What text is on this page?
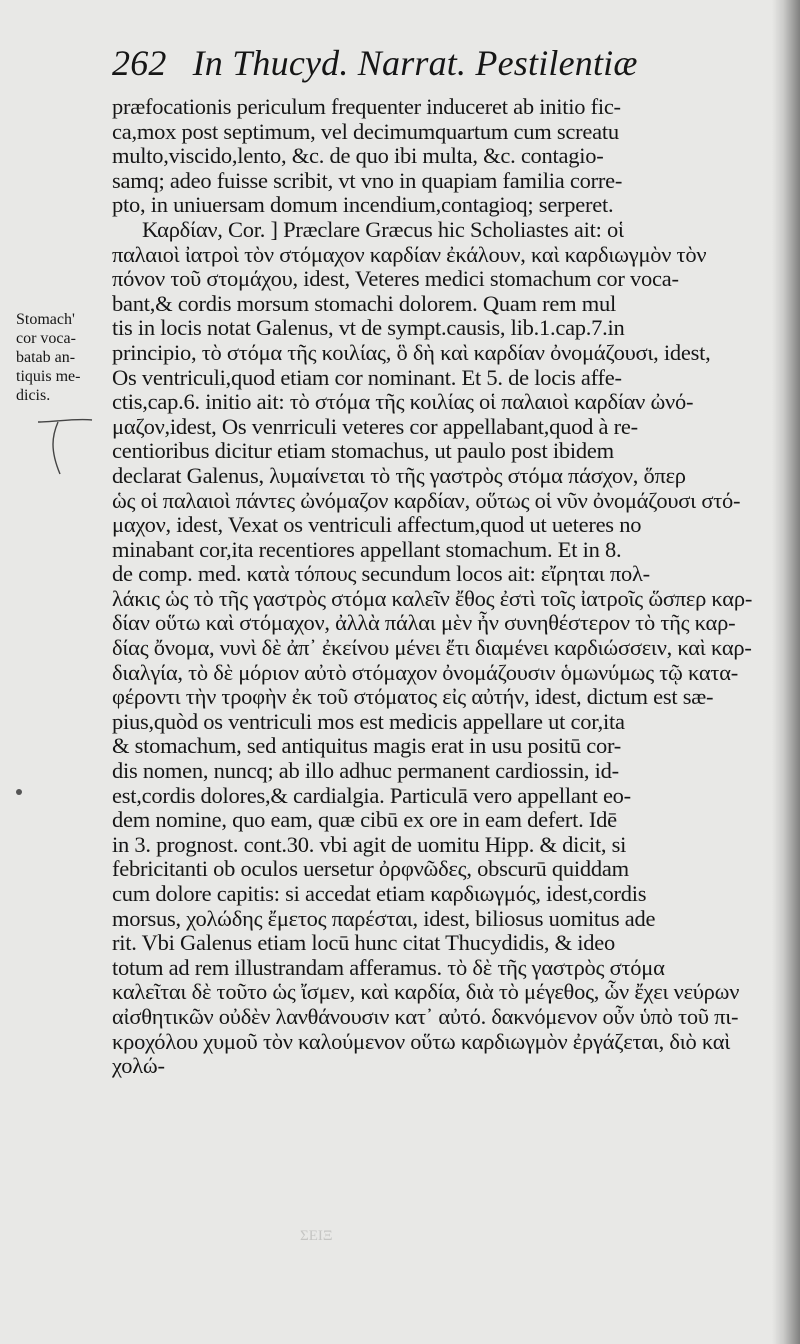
262 In Thucyd. Narrat. Pestilentiæ
Stomach'
cor voca-
batab an-
tiquis me-
dicis.
præfocationis periculum frequenter induceret ab initio fic-
ca,mox post septimum, vel decimumquartum cum screatu
multo,viscido,lento, &c. de quo ibi multa, &c. contagio-
samq; adeo fuisse scribit, vt vno in quapiam familia corre-
pto, in uniuersam domum incendium,contagioq; serperet.
Καρδίαν, Cor. ] Præclare Græcus hic Scholiastes ait: οἱ
παλαιοὶ ἰατροὶ τὸν στόμαχον καρδίαν ἐκάλουν, καὶ καρδιωγμὸν τὸν
πόνον τοῦ στομάχου, idest, Veteres medici stomachum cor voca-
bant,& cordis morsum stomachi dolorem. Quam rem mul
tis in locis notat Galenus, vt de sympt.causis, lib.1.cap.7.in
principio, τὸ στόμα τῆς κοιλίας, ὃ δὴ καὶ καρδίαν ὀνομάζουσι, idest,
Os ventriculi,quod etiam cor nominant. Et 5. de locis affe-
ctis,cap.6. initio ait: τὸ στόμα τῆς κοιλίας οἱ παλαιοὶ καρδίαν ὠνό-
μαζον,idest, Os venrriculi veteres cor appellabant,quod à re-
centioribus dicitur etiam stomachus, ut paulo post ibidem
declarat Galenus, λυμαίνεται τὸ τῆς γαστρὸς στόμα πάσχον, ὅπερ
ὡς οἱ παλαιοὶ πάντες ὠνόμαζον καρδίαν, οὕτως οἱ νῦν ὀνομάζουσι στό-
μαχον, idest, Vexat os ventriculi affectum,quod ut ueteres no
minabant cor,ita recentiores appellant stomachum. Et in 8.
de comp. med. κατὰ τόπους secundum locos ait: εἴρηται πολ-
λάκις ὡς τὸ τῆς γαστρὸς στόμα καλεῖν ἔθος ἐστὶ τοῖς ἰατροῖς ὥσπερ καρ-
δίαν οὕτω καὶ στόμαχον, ἀλλὰ πάλαι μὲν ἦν συνηθέστερον τὸ τῆς καρ-
δίας ὄνομα, νυνὶ δὲ ἀπ᾽ ἐκείνου μένει ἔτι διαμένει καρδιώσσειν, καὶ καρ-
διαλγία, τὸ δὲ μόριον αὐτὸ στόμαχον ὀνομάζουσιν ὁμωνύμως τῷ κατα-
φέροντι τὴν τροφὴν ἐκ τοῦ στόματος εἰς αὐτήν, idest, dictum est sæ-
pius,quòd os ventriculi mos est medicis appellare ut cor,ita
& stomachum, sed antiquitus magis erat in usu positū cor-
dis nomen, nuncq; ab illo adhuc permanent cardiossin, id-
est,cordis dolores,& cardialgia. Particulā vero appellant eo-
dem nomine, quo eam, quæ cibū ex ore in eam defert. Idē
in 3. prognost. cont.30. vbi agit de uomitu Hipp. & dicit, si
febricitanti ob oculos uersetur ὀρφνῶδες, obscurū quiddam
cum dolore capitis: si accedat etiam καρδιωγμός, idest,cordis
morsus, χολώδης ἔμετος παρέσται, idest, biliosus uomitus ade
rit. Vbi Galenus etiam locū hunc citat Thucydidis, & ideo
totum ad rem illustrandam afferamus. τὸ δὲ τῆς γαστρὸς στόμα
καλεῖται δὲ τοῦτο ὡς ἴσμεν, καὶ καρδία, διὰ τὸ μέγεθος, ὧν ἔχει νεύρων
αἰσθητικῶν οὐδὲν λανθάνουσιν κατ᾽ αὐτό. δακνόμενον οὖν ὑπὸ τοῦ πι-
κροχόλου χυμοῦ τὸν καλούμενον οὕτω καρδιωγμὸν ἐργάζεται, διὸ καὶ
χολώ-
ΣΕΙΞ
